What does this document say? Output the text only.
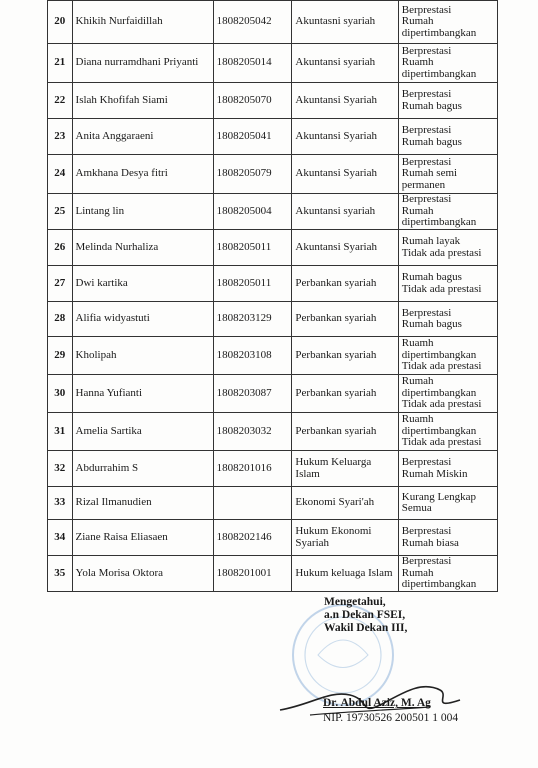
20	Khikih Nurfaidillah	1808205042	Akuntasni syariah	Berprestasi
Rumah
dipertimbangkan
21	Diana nurramdhani Priyanti	1808205014	Akuntansi syariah	Berprestasi
Ruamh
dipertimbangkan
22	Islah Khofifah Siami	1808205070	Akuntansi Syariah	Berprestasi
Rumah bagus
23	Anita Anggaraeni	1808205041	Akuntansi Syariah	Berprestasi
Rumah bagus
24	Amkhana Desya fitri	1808205079	Akuntansi Syariah	Berprestasi
Rumah semi
permanen
25	Lintang lin	1808205004	Akuntansi syariah	Berprestasi
Rumah
dipertimbangkan
26	Melinda Nurhaliza	1808205011	Akuntansi Syariah	Rumah layak
Tidak ada prestasi
27	Dwi kartika	1808205011	Perbankan syariah	Rumah bagus
Tidak ada prestasi
28	Alifia widyastuti	1808203129	Perbankan syariah	Berprestasi
Rumah bagus
29	Kholipah	1808203108	Perbankan syariah	Ruamh
dipertimbangkan
Tidak ada prestasi
30	Hanna Yufianti	1808203087	Perbankan syariah	Rumah
dipertimbangkan
Tidak ada prestasi
31	Amelia Sartika	1808203032	Perbankan syariah	Ruamh
dipertimbangkan
Tidak ada prestasi
32	Abdurrahim S	1808201016	Hukum Keluarga
Islam	Berprestasi
Rumah Miskin
33	Rizal Ilmanudien		Ekonomi Syari'ah	Kurang Lengkap
Semua
34	Ziane Raisa Eliasaen	1808202146	Hukum Ekonomi
Syariah	Berprestasi
Rumah biasa
35	Yola Morisa Oktora	1808201001	Hukum keluaga Islam	Berprestasi
Rumah
dipertimbangkan
Mengetahui,
a.n Dekan FSEI,
Wakil Dekan III,
Dr. Abdul Aziz, M. Ag
NIP. 19730526 200501 1 004
